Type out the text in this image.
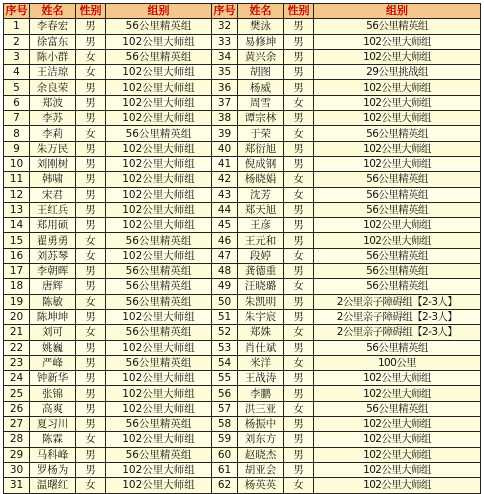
序号	姓名	性别	组别	序号	姓名	性别	组别
1	李春宏	男	56公里精英组	32	樊泳	男	56公里精英组
2	徐富东	男	102公里大师组	33	易修坤	男	102公里大师组
3	陈小群	女	56公里精英组	34	黄兴余	男	102公里大师组
4	王洁琼	女	102公里大师组	35	胡图	男	29公里挑战组
5	余良荣	男	102公里大师组	36	杨威	男	102公里大师组
6	郑波	男	102公里大师组	37	周雪	女	102公里大师组
7	李苏	男	102公里大师组	38	谭宗林	男	102公里大师组
8	李莉	女	56公里精英组	39	于荣	女	56公里精英组
9	朱万民	男	102公里大师组	40	郑衍旭	男	102公里大师组
10	刘刚树	男	102公里大师组	41	倪成钢	男	102公里大师组
11	韩啸	男	102公里大师组	42	杨晓娟	女	56公里精英组
12	宋君	男	102公里大师组	43	沈芳	女	56公里精英组
13	王红兵	男	102公里大师组	44	郑天旭	男	56公里精英组
14	郑用硕	男	102公里大师组	45	王彦	男	102公里大师组
15	翟勇勇	女	56公里精英组	46	王元和	男	102公里大师组
16	刘苏琴	女	102公里大师组	47	段婷	女	56公里精英组
17	李朝晖	男	56公里精英组	48	龚德重	男	56公里精英组
18	唐辉	男	56公里精英组	49	汪晓璐	女	56公里精英组
19	陈敏	女	56公里精英组	50	朱凯明	男	2公里亲子障碍组【2-3人】
20	陈坤坤	男	102公里大师组	51	朱宇宸	男	2公里亲子障碍组【2-3人】
21	刘可	女	56公里精英组	52	郑姝	女	2公里亲子障碍组【2-3人】
22	姚巍	男	102公里大师组	53	肖仕斌	男	56公里精英组
23	严峰	男	56公里精英组	54	米洋	女	100公里
24	钟新华	男	102公里大师组	55	王战涛	男	102公里大师组
25	张锦	男	102公里大师组	56	李鹏	男	102公里大师组
26	高爽	男	102公里大师组	57	洪三亚	女	56公里精英组
27	夏习川	男	56公里精英组	58	杨振中	男	102公里大师组
28	陈霖	女	102公里大师组	59	刘东方	男	102公里大师组
29	马科峰	男	56公里精英组	60	赵晓杰	男	102公里大师组
30	罗杨为	男	102公里大师组	61	胡亚会	男	102公里大师组
31	温曙红	女	102公里大师组	62	杨英英	女	102公里大师组
